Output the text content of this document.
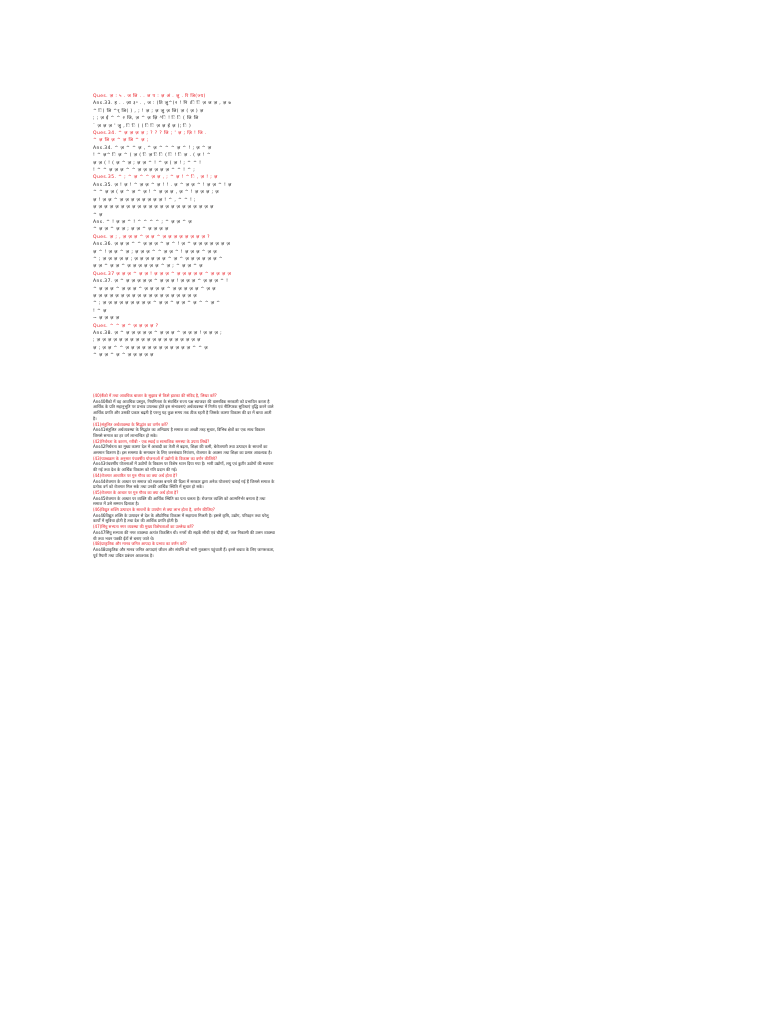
Ques. ज़ : ५ . ज जि . . ज प : ज़ अं . जु . रि जि(ज्य)
Ans.33. ह . . ज़ा ३॰ . , ज : (ति जु^(२ ! नि ।ि ि ज़ ज ज़ , ज़ ७
^ ि( जि ^र् जि( ) , ; ! ज़ ; ज़ जु ज़ जि( ज़ ( ज़ ) ज़
; ; ज़ ई ^ ^ २ जि, ज़ ^ ज़ ज़ि ^ि ! ि ि ( जि जि
` ज़ ज़ ज़ ' जु , ि ि ( ( ि ि ज़ ज़ ई ज़ (; ि )
Ques.34. ^ ज़ ज़ ज़ ज़ ; ? ? ? जि ; ' ज़ ; ज़ि ! जि .
^ ज़ जि ज़ ^ ज़ जि ^ ज़ ;
Ans.34. ^ ज़ ^ ^ ज़ , ^ ज़ ^ ^ ^ ज़ ^ ! ; ज़ ^ ज़
! ^ ज़^ ि ज़ ^ ( ज़ ( ि ज़ ि ि ( ि ! ि ज़ . ( ज़ ! ^
ज़ ज़ ( ! ( ज़ ^ ज़ ; ज़ ज़ ^ ! ^ ज़ ( ज़ ! ; ^ ^ !
! ^ ^ ज़ ज़ ज़ ^ ^ ज़ ज़ ज़ ज़ ज़ ज़ ^ ^ ! ^ ;
Ques.35. ^ ; ^ ज़ ^ ^ ज़ ज़ , ; ^ ज़ ! ^ ि , ज़ ! ; ज़
Ans.35. ज़ ! ज़ ! ^ ज़ ज़ ^ ज़ ! ! . ज़ ^ ज़ ज़ ^ ! ज़ ज़ ^ ! ज़
^ ^ ज़ ज़ ( ज़ ^ ज़ ^ ज़ ! ^ ज़ ज़ ज़ , ज़ ^ ! ज़ ज़ ज़ ; ज़
ज़ ! ज़ ज़ ^ ज़ ज़ ज़ ज़ ज़ ज़ ज़ ज़ ! ^ , ^ ^ ! ;
ज़ ज़ ज़ ज़ ज़ ज़ ज़ ज़ ज़ ज़ ज़ ज़ ज़ ज़ ज़ ज़ ज़ ज़ ज़ ज़ ज़ ज़
^ ज़
Ans. ^ ! ज़ ज़ ^ ! ^ ^ ^ ^ ; ^ ज़ ज़ ^ ज़
^ ज़ ज़ ^ ज़ ज़ ; ज़ ज़ ^ ज़ ज़ ज़ ज़
Ques. ज़ ; , ज़ ज़ ज़ ^ ज़ ज़ ^ ज़ ज़ ज़ ज़ ज़ ज़ ज़ ज़ ?
Ans.36. ज़ ज़ ज़ ^ ^ ज़ ज़ ज़ ^ ज़ ^ ! ज़ ^ ज़ ज़ ज़ ज़ ज़ ज़ ज़
ज़ ^ ! ज़ ज़ ^ ज़ ; ज़ ज़ ज़ ^ ^ ज़ ज़ ^ ! ज़ ज़ ज़ ^ ज़ ज़
^ ; ज़ ज़ ज़ ज़ ज़ ; ज़ ज़ ज़ ज़ ज़ ज़ ^ ज़ ^ ज़ ज़ ज़ ज़ ज़ ज़ ^
ज़ ज़ ^ ज़ ज़ ^ ज़ ज़ ज़ ज़ ज़ ज़ ^ ज़ ; ^ ज़ ज़ ^ ज़
Ques.37 ज़ ज़ ज़ ^ ज़ ज़ ! ज़ ज़ ज़ ^ ज़ ज़ ज़ ज़ ज़ ^ ज़ ज़ ज़ ज़
Ans.37. ज़ ^ ज़ ज़ ज़ ज़ ज़ ^ ज़ ज़ ज़ ! ज़ ज़ ज़ ^ ज़ ज़ ज़ ^ !
^ ज़ ज़ ज़ ^ ज़ ज़ ज़ ^ ज़ ज़ ज़ ज़ ^ ज़ ज़ ज़ ज़ ज़ ^ ज़ ज़
ज़ ज़ ज़ ज़ ज़ ज़ ज़ ज़ ज़ ज़ ज़ ज़ ज़ ज़ ज़ ज़ ज़ ज़ ज़
^ ; ज़ ज़ ज़ ज़ ज़ ज़ ज़ ज़ ज़ ^ ज़ ज़ ^ ज़ ज़ ^ ज़ ^ ^ ज़ ^
! ^ ज़
~ ज़ ज़ ज़ ज़
Ques. ^ ^ ज़ ^ ज़ ज़ ज़ ज़ ?
Ans.38. ज़ ^ ज़ ज़ ज़ ज़ ज़ ^ ज़ ज़ ज़ ^ ज़ ज़ ज़ ! ज़ ज़ ज़ ;
; ज़ ज़ ज़ ज़ ज़ ज़ ज़ ज़ ज़ ज़ ज़ ज़ ज़ ज़ ज़ ज़ ज़ ज़ ज़
ज़ ; ज़ ज़ ^ ^ ज़ ज़ ज़ ज़ ज़ ज़ ज़ ज़ ज़ ज़ ज़ ज़ ^ ^ ज़
^ ज़ ज़ ^ ज़ ^ ज़ ज़ ज़ ज़ ज़

(40)बैंको में तथा आवधिक बाजार के सुझाव से किसे झटका की संविद है, लिखा करें?

Ans40बैंको में वह आवधिक प्रस्तुत, नियमितता के संवर्धित राज्य पक्ष ब्याजदर की वास्तविक सरकारी को प्रभावित करता है आर्थिक के प्रति सहानुभूति पर प्रभाव उपलब्ध होते इस संभावनाएं अर्थव्यवस्था में निर्णय एवं नीतिपरक सुविधाएं वृद्धि करने वाले आर्थिक प्रगति और उसकी प्रकार बढ़ती है परन्तु यह कुछ समय तक ठीक रहती है जिसके कारण विकास की दर में बाधा आती है।

(41)संतुलित अर्थव्यवस्था के सिद्धांत का वर्णन करें?

Ans41संतुलित अर्थव्यवस्था के सिद्धांत का अभिप्राय है समाज का अच्छी तरह सुधार, विभिन्न क्षेत्रों का एक साथ विकास जिससे समाज का हर वर्ग लाभान्वित हो सके।

(42)निर्धनता के कारण, गरीबी - एक स्थाई व सामाजिक समस्या के उपाय लिखें?

Ans42निर्धनता का मुख्य कारण देश में आबादी का तेजी से बढ़ना, शिक्षा की कमी, बेरोजगारी तथा उत्पादन के साधनों का असमान वितरण है। इस समस्या के समाधान के लिए जनसंख्या नियंत्रण, रोजगार के अवसर तथा शिक्षा का प्रसार आवश्यक है।

(43)पाठ्यक्रम के अनुसार पंचवर्षीय योजनाओं में उद्योगों के विकास का वर्णन कीजिये?

Ans43पंचवर्षीय योजनाओं में उद्योगों के विकास पर विशेष ध्यान दिया गया है। भारी उद्योगों, लघु एवं कुटीर उद्योगों की स्थापना की गई तथा देश के आर्थिक विकास को गति प्रदान की गई।

(44)रोजगार आधारित पर गुरु गौरव का क्या अर्थ होता है?

Ans44रोजगार के आधार पर समाज को सशक्त बनाने की दिशा में सरकार द्वारा अनेक योजनाएं चलाई गई हैं जिससे समाज के प्रत्येक वर्ग को रोजगार मिल सके तथा उनकी आर्थिक स्थिति में सुधार हो सके।

(45)रोजगार के आधार पर गुरु गौरव का क्या अर्थ होता है?

Ans45रोजगार के आधार पर व्यक्ति की आर्थिक स्थिति का पता चलता है। रोजगार व्यक्ति को आत्मनिर्भर बनाता है तथा समाज में उसे सम्मान दिलाता है।

(46)विद्युत शक्ति उत्पादन के साधनों के उपयोग से क्या लाभ होता है, वर्णन कीजिए?

Ans46विद्युत शक्ति के उत्पादन से देश के औद्योगिक विकास में सहायता मिलती है। इससे कृषि, उद्योग, परिवहन तथा घरेलू कार्यों में सुविधा होती है तथा देश की आर्थिक प्रगति होती है।

(47)सिंधु सभ्यता नगर व्यवस्था की मुख्य विशेषताओं का उल्लेख करें?

Ans47सिंधु सभ्यता की नगर व्यवस्था अत्यंत विकसित थी। नगरों की सड़कें सीधी एवं चौड़ी थीं, जल निकासी की उत्तम व्यवस्था थी तथा भवन पक्की ईंटों से बनाए जाते थे।

(48)प्राकृतिक और मानव जनित आपदा के प्रभाव का वर्णन करें?

Ans48प्राकृतिक और मानव जनित आपदाएं जीवन और संपत्ति को भारी नुकसान पहुंचाती हैं। इनसे बचाव के लिए जागरूकता, पूर्व तैयारी तथा उचित प्रबंधन आवश्यक है।
